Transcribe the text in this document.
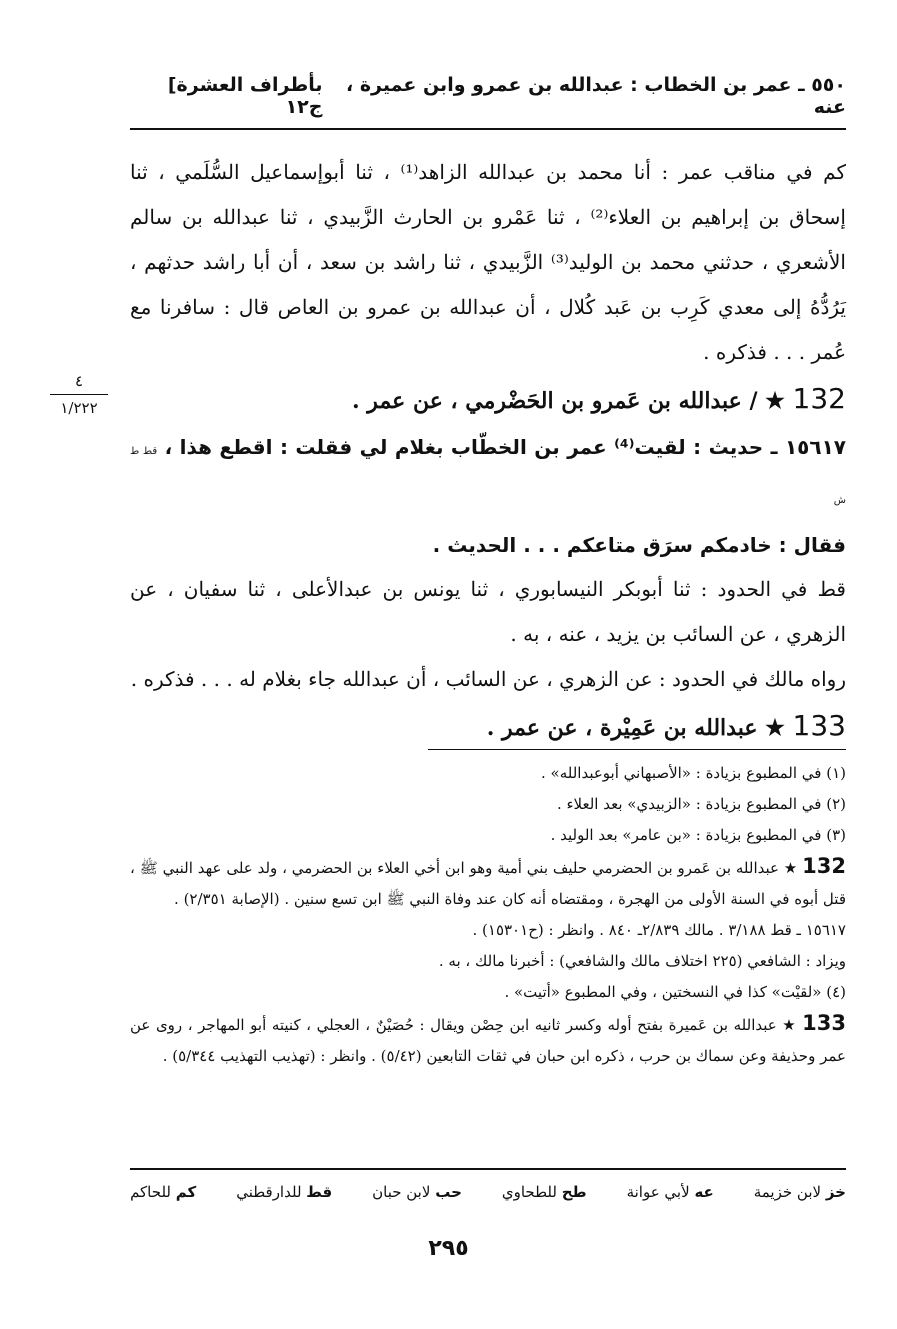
٥٥٠ ـ عمر بن الخطاب : عبدالله بن عمرو وابن عميرة ، عنه
بأطراف العشرة] ج١٢
٤
١/٢٢٢

كم في مناقب عمر : أنا محمد بن عبدالله الزاهد⁽¹⁾ ، ثنا أبوإسماعيل السُّلَمي ، ثنا إسحاق بن إبراهيم بن العلاء⁽²⁾ ، ثنا عَمْرو بن الحارث الزَّبيدي ، ثنا عبدالله بن سالم الأشعري ، حدثني محمد بن الوليد⁽³⁾ الزَّبيدي ، ثنا راشد بن سعد ، أن أبا راشد حدثهم ، يَرُدُّهُ إلى معدي كَرِب بن عَبد كُلال ، أن عبدالله بن عمرو بن العاص قال : سافرنا مع عُمر . . . فذكره .

132 ★ / عبدالله بن عَمرو بن الحَضْرمي ، عن عمر .

١٥٦١٧ ـ حديث : لقيت⁽⁴⁾ عمر بن الخطّاب بغلام لي فقلت : اقطع هذا ، قط ط ش
فقال : خادمكم سرَق متاعكم . . . الحديث .

قط في الحدود : ثنا أبوبكر النيسابوري ، ثنا يونس بن عبدالأعلى ، ثنا سفيان ، عن الزهري ، عن السائب بن يزيد ، عنه ، به .

رواه مالك في الحدود : عن الزهري ، عن السائب ، أن عبدالله جاء بغلام له . . . فذكره .

133 ★ عبدالله بن عَمِيْرة ، عن عمر .

(١) في المطبوع بزيادة : «الأصبهاني أبوعبدالله» .

(٢) في المطبوع بزيادة : «الزبيدي» بعد العلاء .

(٣) في المطبوع بزيادة : «بن عامر» بعد الوليد .

132 ★ عبدالله بن عَمرو بن الحضرمي حليف بني أمية وهو ابن أخي العلاء بن الحضرمي ، ولد على عهد النبي ﷺ ، قتل أبوه في السنة الأولى من الهجرة ، ومقتضاه أنه كان عند وفاة النبي ﷺ ابن تسع سنين . (الإصابة ٢/٣٥١) .

١٥٦١٧ ـ قط ٣/١٨٨ . مالك ٢/٨٣٩ـ ٨٤٠ . وانظر : (ح١٥٣٠١) .

ويزاد : الشافعي (٢٢٥ اختلاف مالك والشافعي) : أخبرنا مالك ، به .

(٤) «لقيْت» كذا في النسختين ، وفي المطبوع «أتيت» .

133 ★ عبدالله بن عَميرة بفتح أوله وكسر ثانيه ابن حِصْن ويقال : حُصَيْنٌ ، العجلي ، كنيته أبو المهاجر ، روى عن عمر وحذيفة وعن سماك بن حرب ، ذكره ابن حبان في ثقات التابعين (٥/٤٢) . وانظر : (تهذيب التهذيب ٥/٣٤٤) .

خز لابن خزيمة
عه لأبي عوانة
طح للطحاوي
حب لابن حبان
قط للدارقطني
كم للحاكم
٢٩٥
